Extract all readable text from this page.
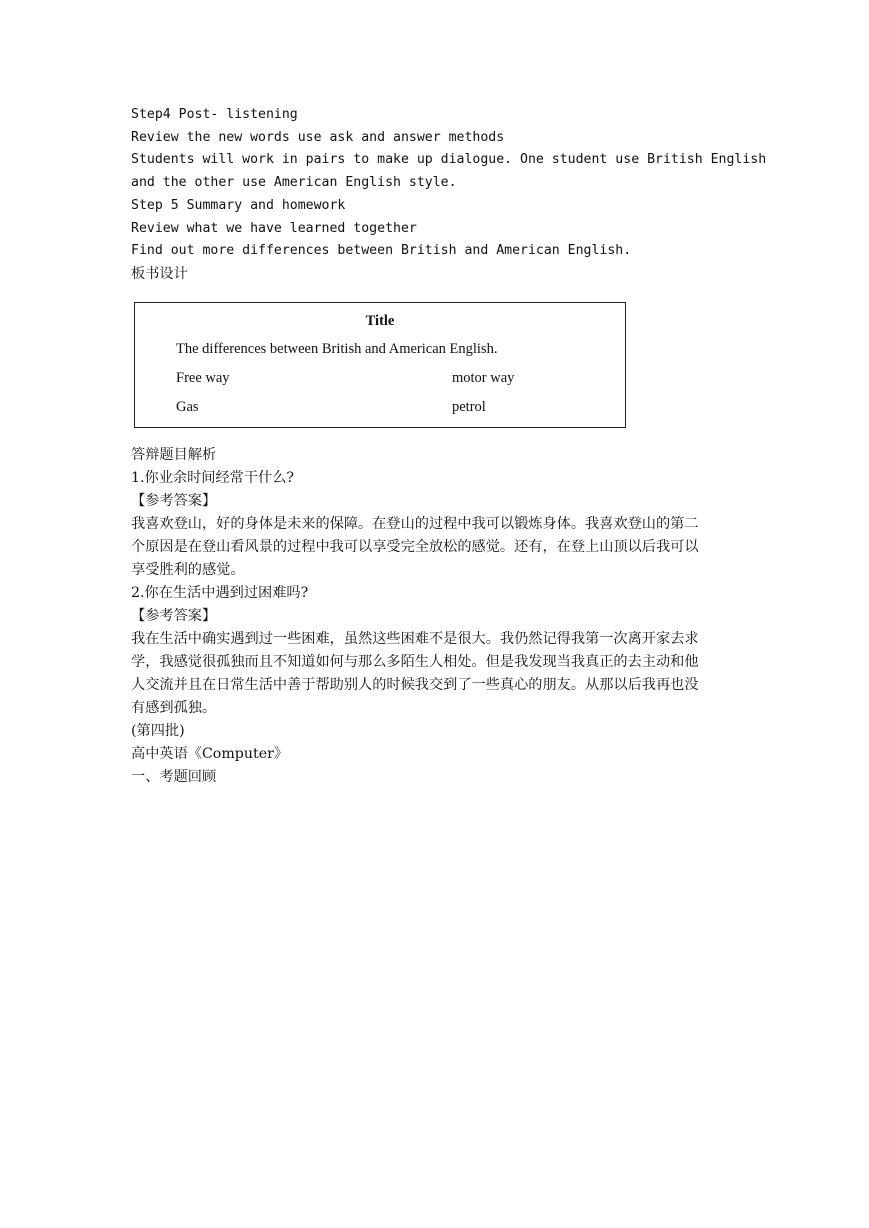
Step4 Post- listening
Review the new words use ask and answer methods
Students will work in pairs to make up dialogue. One student use British English
and the other use American English style.
Step 5 Summary and homework
Review what we have learned together
Find out more differences between British and American English.
板书设计
Title
The differences between British and American English.
Free way	motor way
Gas	petrol
答辩题目解析
1.你业余时间经常干什么?
【参考答案】
我喜欢登山，好的身体是未来的保障。在登山的过程中我可以锻炼身体。我喜欢登山的第二
个原因是在登山看风景的过程中我可以享受完全放松的感觉。还有，在登上山顶以后我可以
享受胜利的感觉。
2.你在生活中遇到过困难吗?
【参考答案】
我在生活中确实遇到过一些困难，虽然这些困难不是很大。我仍然记得我第一次离开家去求
学，我感觉很孤独而且不知道如何与那么多陌生人相处。但是我发现当我真正的去主动和他
人交流并且在日常生活中善于帮助别人的时候我交到了一些真心的朋友。从那以后我再也没
有感到孤独。
(第四批)
高中英语《Computer》
一、考题回顾
